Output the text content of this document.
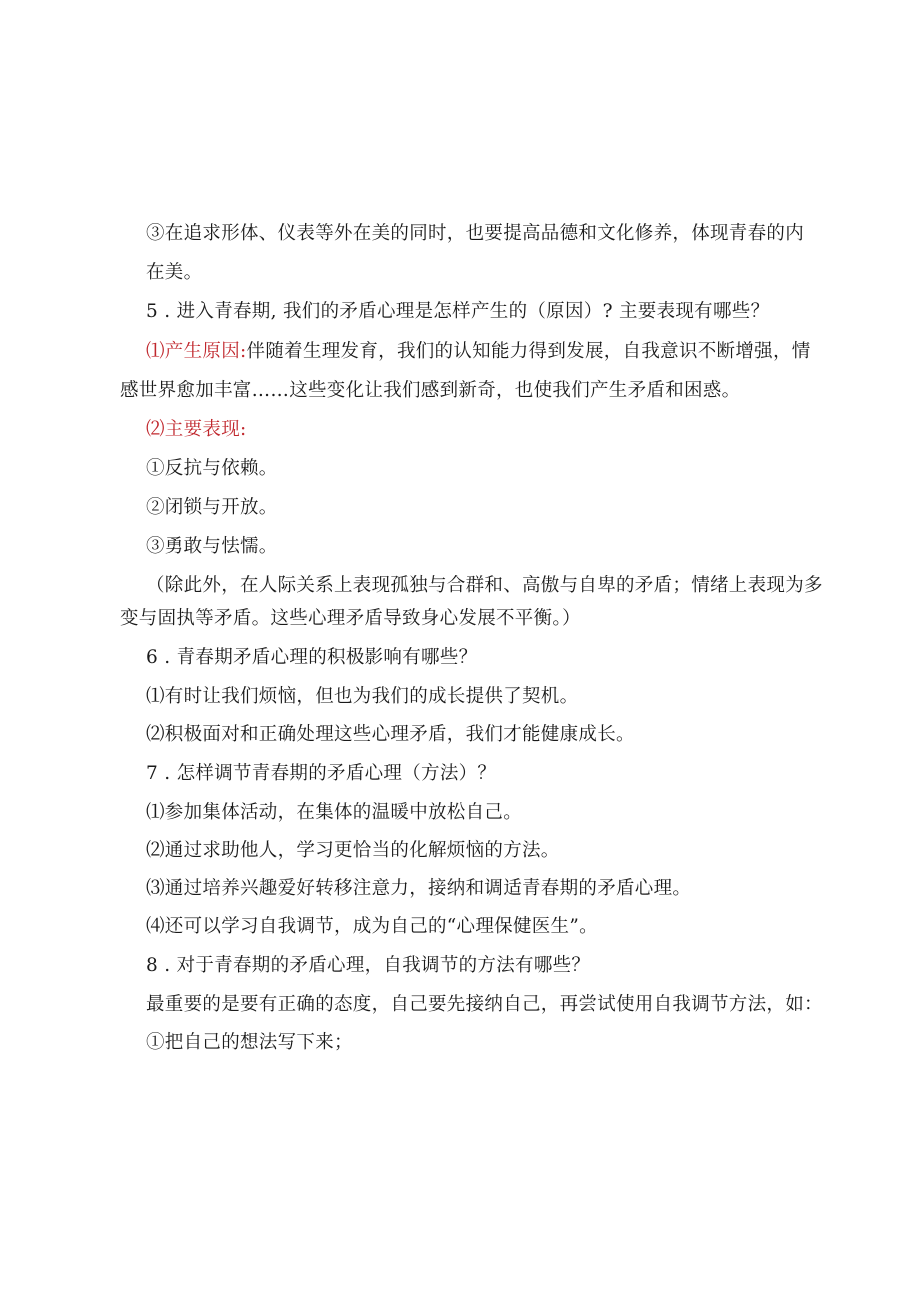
③在追求形体、仪表等外在美的同时，也要提高品德和文化修养，体现青春的内
在美。
5 . 进入青春期, 我们的矛盾心理是怎样产生的（原因）? 主要表现有哪些？
⑴产生原因:伴随着生理发育，我们的认知能力得到发展，自我意识不断增强，情
感世界愈加丰富……这些变化让我们感到新奇，也使我们产生矛盾和困惑。
⑵主要表现:
①反抗与依赖。
②闭锁与开放。
③勇敢与怯懦。
（除此外，在人际关系上表现孤独与合群和、高傲与自卑的矛盾；情绪上表现为多
变与固执等矛盾。这些心理矛盾导致身心发展不平衡。）
6 . 青春期矛盾心理的积极影响有哪些？
⑴有时让我们烦恼，但也为我们的成长提供了契机。
⑵积极面对和正确处理这些心理矛盾，我们才能健康成长。
7 . 怎样调节青春期的矛盾心理（方法）？
⑴参加集体活动，在集体的温暖中放松自己。
⑵通过求助他人，学习更恰当的化解烦恼的方法。
⑶通过培养兴趣爱好转移注意力，接纳和调适青春期的矛盾心理。
⑷还可以学习自我调节，成为自己的“心理保健医生”。
8 . 对于青春期的矛盾心理，自我调节的方法有哪些？
最重要的是要有正确的态度，自己要先接纳自己，再尝试使用自我调节方法，如：
①把自己的想法写下来；
